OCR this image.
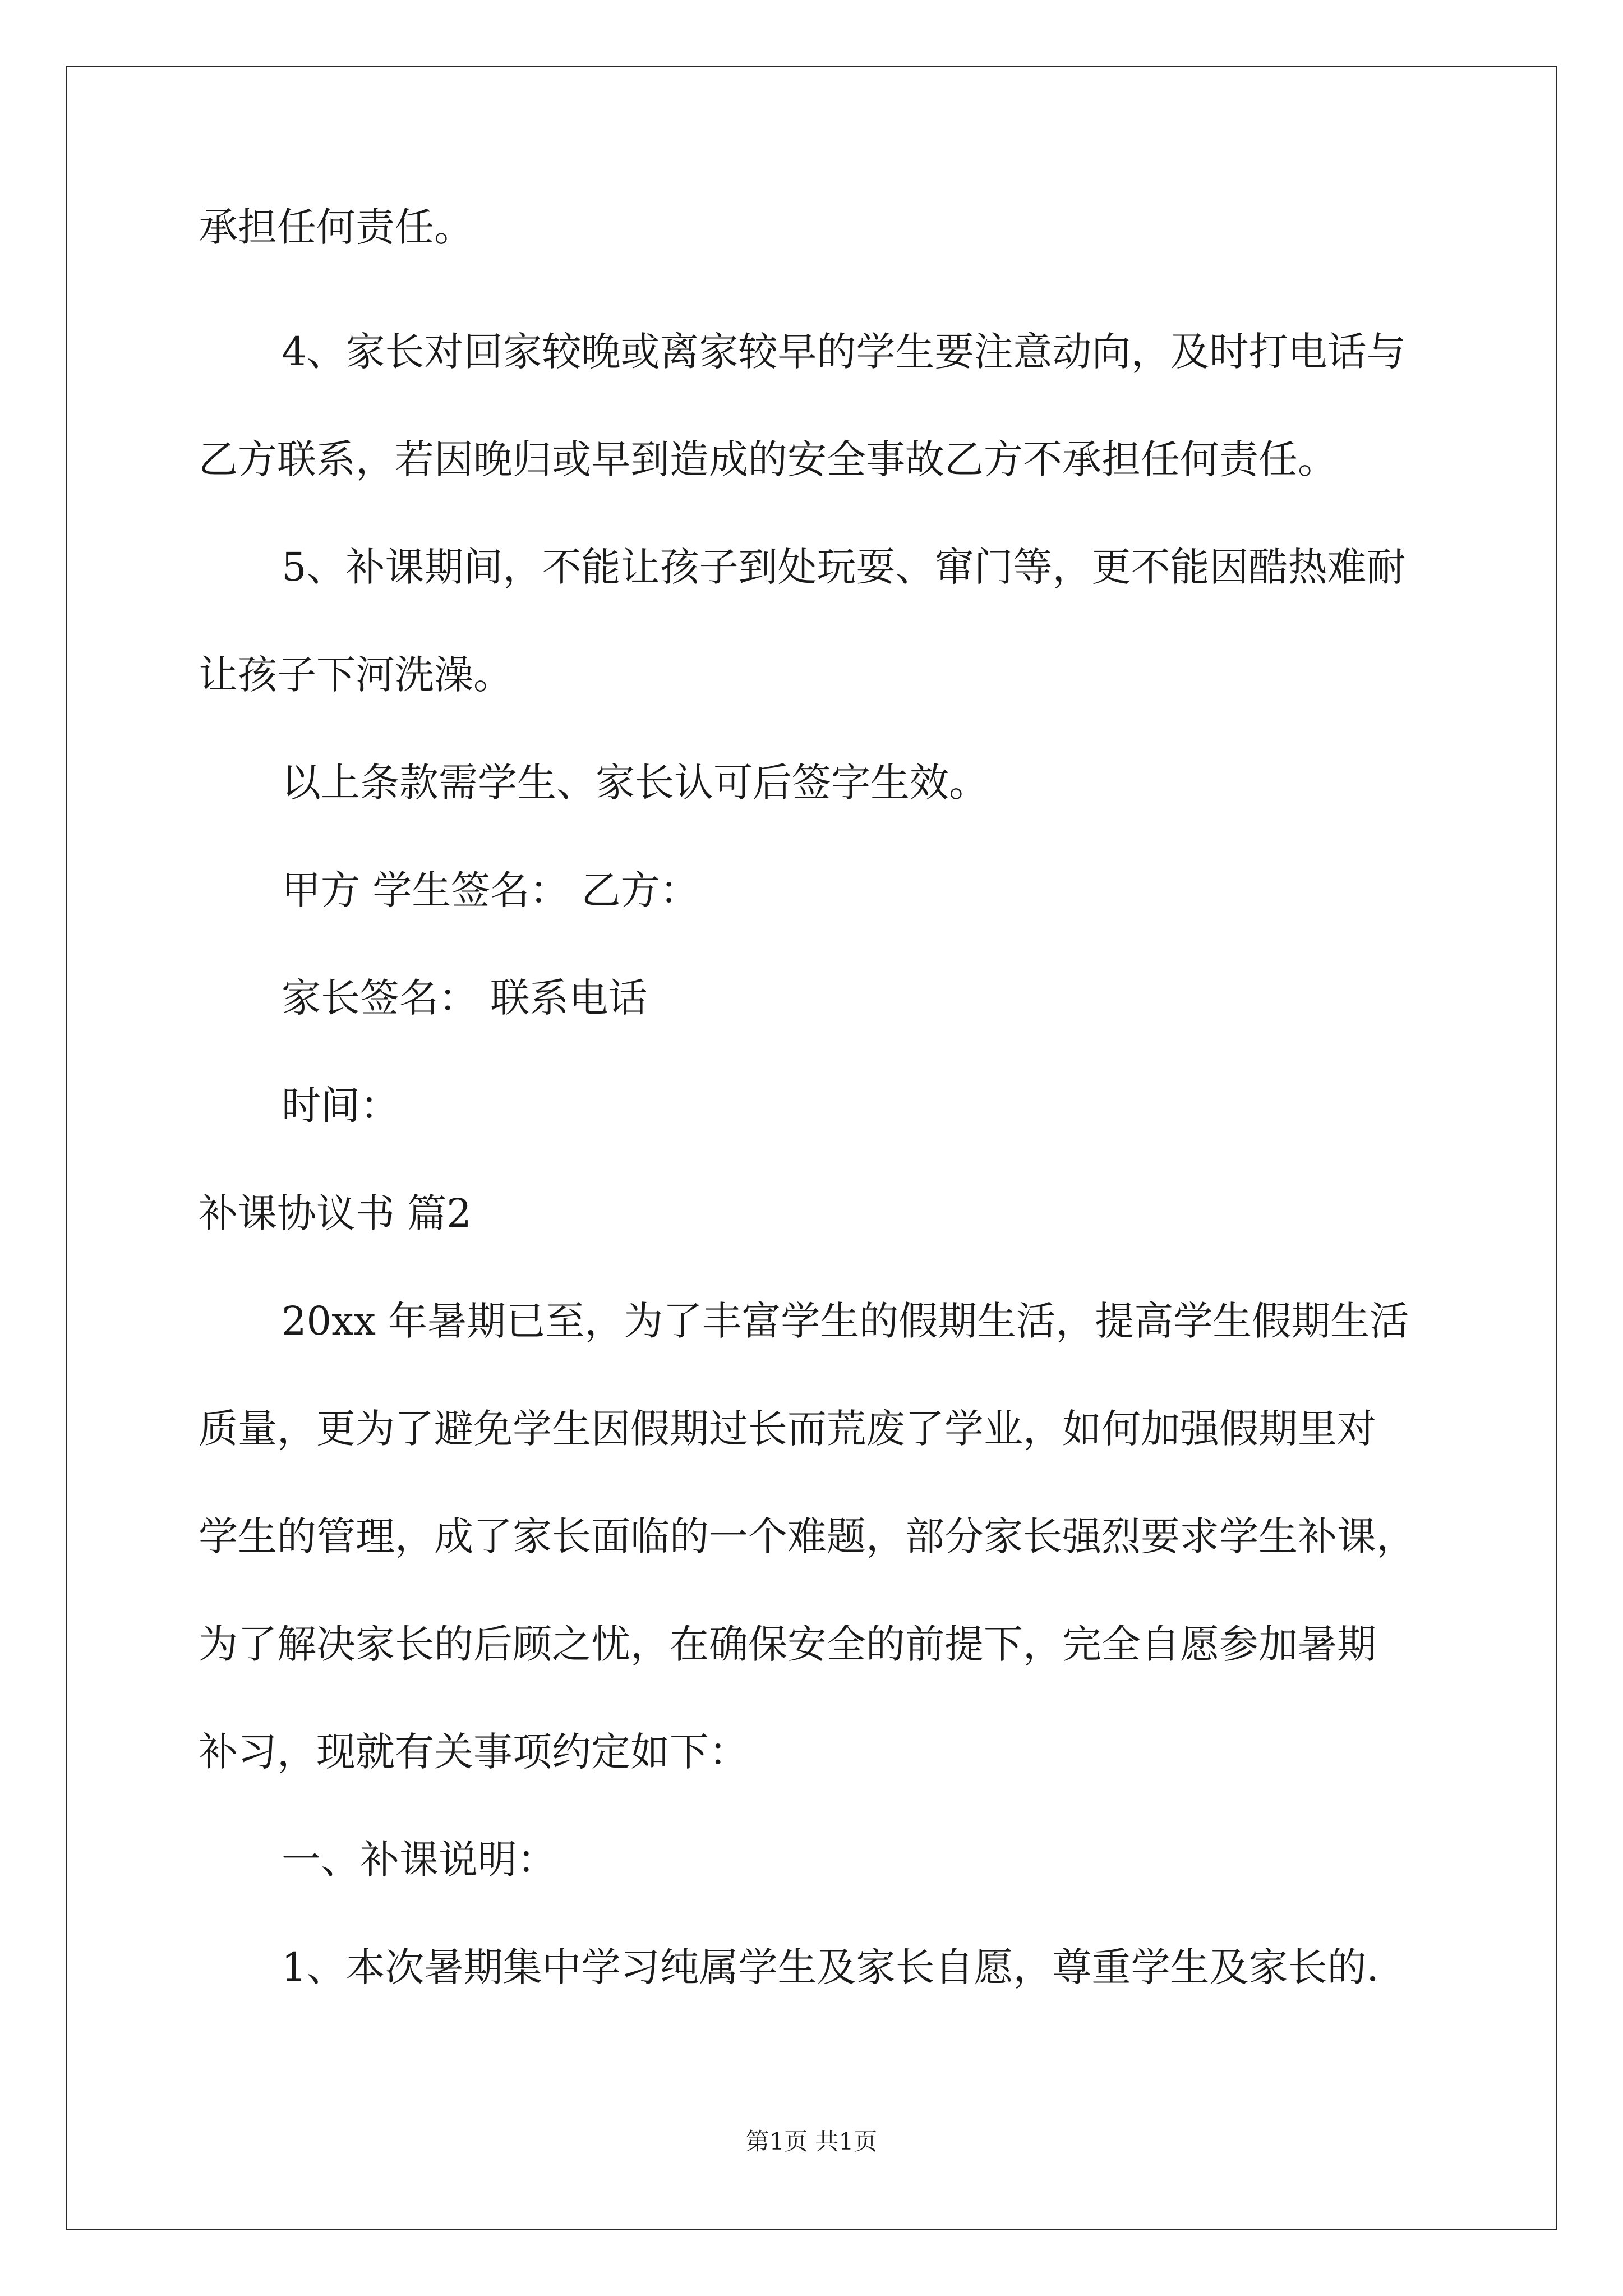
承担任何责任。
4、家长对回家较晚或离家较早的学生要注意动向，及时打电话与
乙方联系，若因晚归或早到造成的安全事故乙方不承担任何责任。
5、补课期间，不能让孩子到处玩耍、窜门等，更不能因酷热难耐
让孩子下河洗澡。
以上条款需学生、家长认可后签字生效。
甲方 学生签名： 乙方：
家长签名： 联系电话
时间：
补课协议书 篇2
20xx 年暑期已至，为了丰富学生的假期生活，提高学生假期生活
质量，更为了避免学生因假期过长而荒废了学业，如何加强假期里对
学生的管理，成了家长面临的一个难题，部分家长强烈要求学生补课，
为了解决家长的后顾之忧，在确保安全的前提下，完全自愿参加暑期
补习，现就有关事项约定如下：
一、补课说明：
1、本次暑期集中学习纯属学生及家长自愿，尊重学生及家长的.
第1页 共1页
